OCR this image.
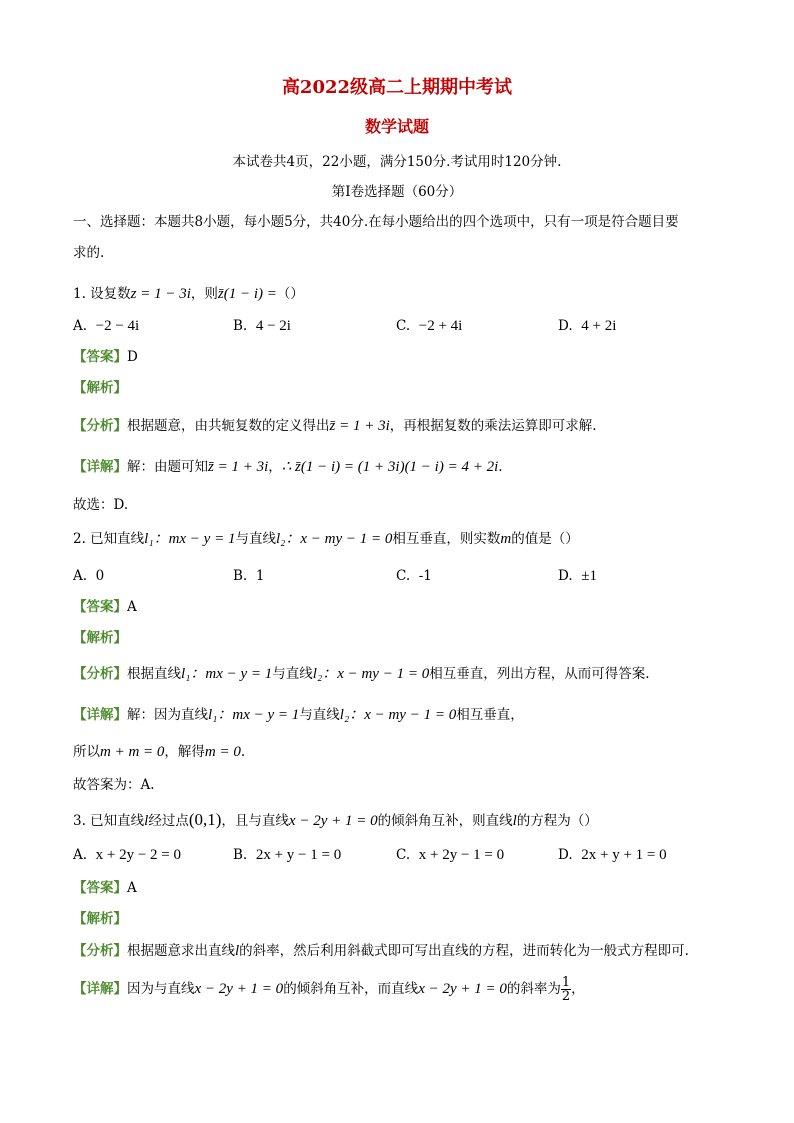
高2022级高二上期期中考试
数学试题
本试卷共4页，22小题，满分150分.考试用时120分钟.
第Ⅰ卷选择题（60分）
一、选择题：本题共8小题，每小题5分，共40分.在每小题给出的四个选项中，只有一项是符合题目要
求的.
1. 设复数z = 1 − 3i，则z̄(1 − i) =（）
A. −2 − 4i	B. 4 − 2i	C. −2 + 4i	D. 4 + 2i
【答案】D
【解析】
【分析】根据题意，由共轭复数的定义得出z̄ = 1 + 3i，再根据复数的乘法运算即可求解.
【详解】解：由题可知z̄ = 1 + 3i，∴ z̄(1 − i) = (1 + 3i)(1 − i) = 4 + 2i.
故选：D.
2. 已知直线l₁：mx − y = 1与直线l₂：x − my − 1 = 0相互垂直，则实数m的值是（）
A. 0	B. 1	C. -1	D. ±1
【答案】A
【解析】
【分析】根据直线l₁：mx − y = 1与直线l₂：x − my − 1 = 0相互垂直，列出方程，从而可得答案.
【详解】解：因为直线l₁：mx − y = 1与直线l₂：x − my − 1 = 0相互垂直，
所以m + m = 0，解得m = 0.
故答案为：A.
3. 已知直线l经过点(0,1)，且与直线x − 2y + 1 = 0的倾斜角互补，则直线l的方程为（）
A. x + 2y − 2 = 0	B. 2x + y − 1 = 0	C. x + 2y − 1 = 0	D. 2x + y + 1 = 0
【答案】A
【解析】
【分析】根据题意求出直线l的斜率，然后利用斜截式即可写出直线的方程，进而转化为一般式方程即可.
【详解】因为与直线x − 2y + 1 = 0的倾斜角互补，而直线x − 2y + 1 = 0的斜率为 $\frac{1}{2}$ ，
